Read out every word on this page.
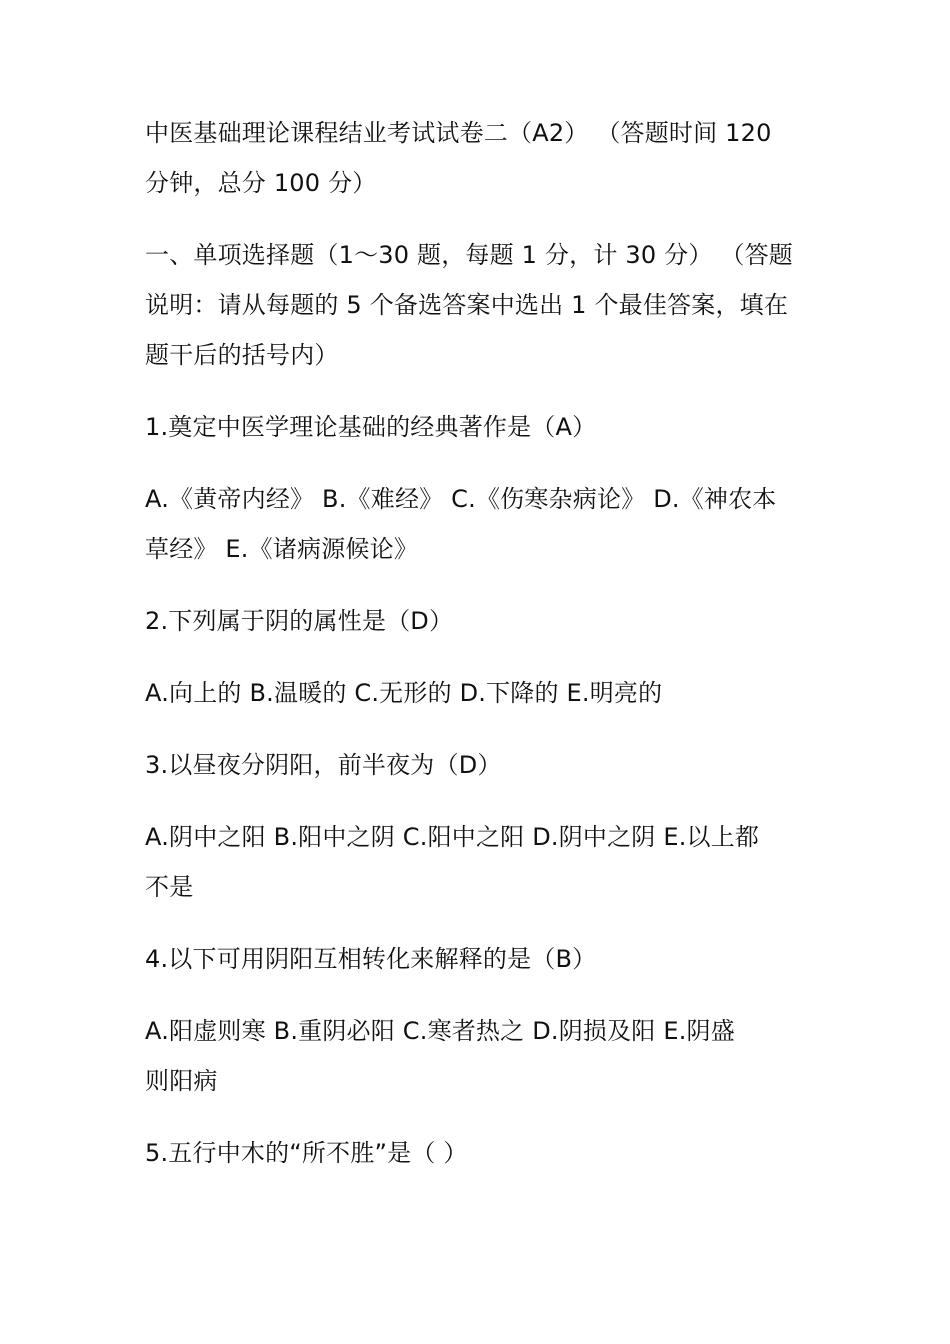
中医基础理论课程结业考试试卷二（A2） （答题时间 120
分钟，总分 100 分）
一、单项选择题（1～30 题，每题 1 分，计 30 分） （答题
说明：请从每题的 5 个备选答案中选出 1 个最佳答案，填在
题干后的括号内）
1.奠定中医学理论基础的经典著作是（A）
A.《黄帝内经》 B.《难经》 C.《伤寒杂病论》 D.《神农本
草经》 E.《诸病源候论》
2.下列属于阴的属性是（D）
A.向上的 B.温暖的 C.无形的 D.下降的 E.明亮的
3.以昼夜分阴阳，前半夜为（D）
A.阴中之阳 B.阳中之阴 C.阳中之阳 D.阴中之阴 E.以上都
不是
4.以下可用阴阳互相转化来解释的是（B）
A.阳虚则寒 B.重阴必阳 C.寒者热之 D.阴损及阳 E.阴盛
则阳病
5.五行中木的“所不胜”是（ ）
